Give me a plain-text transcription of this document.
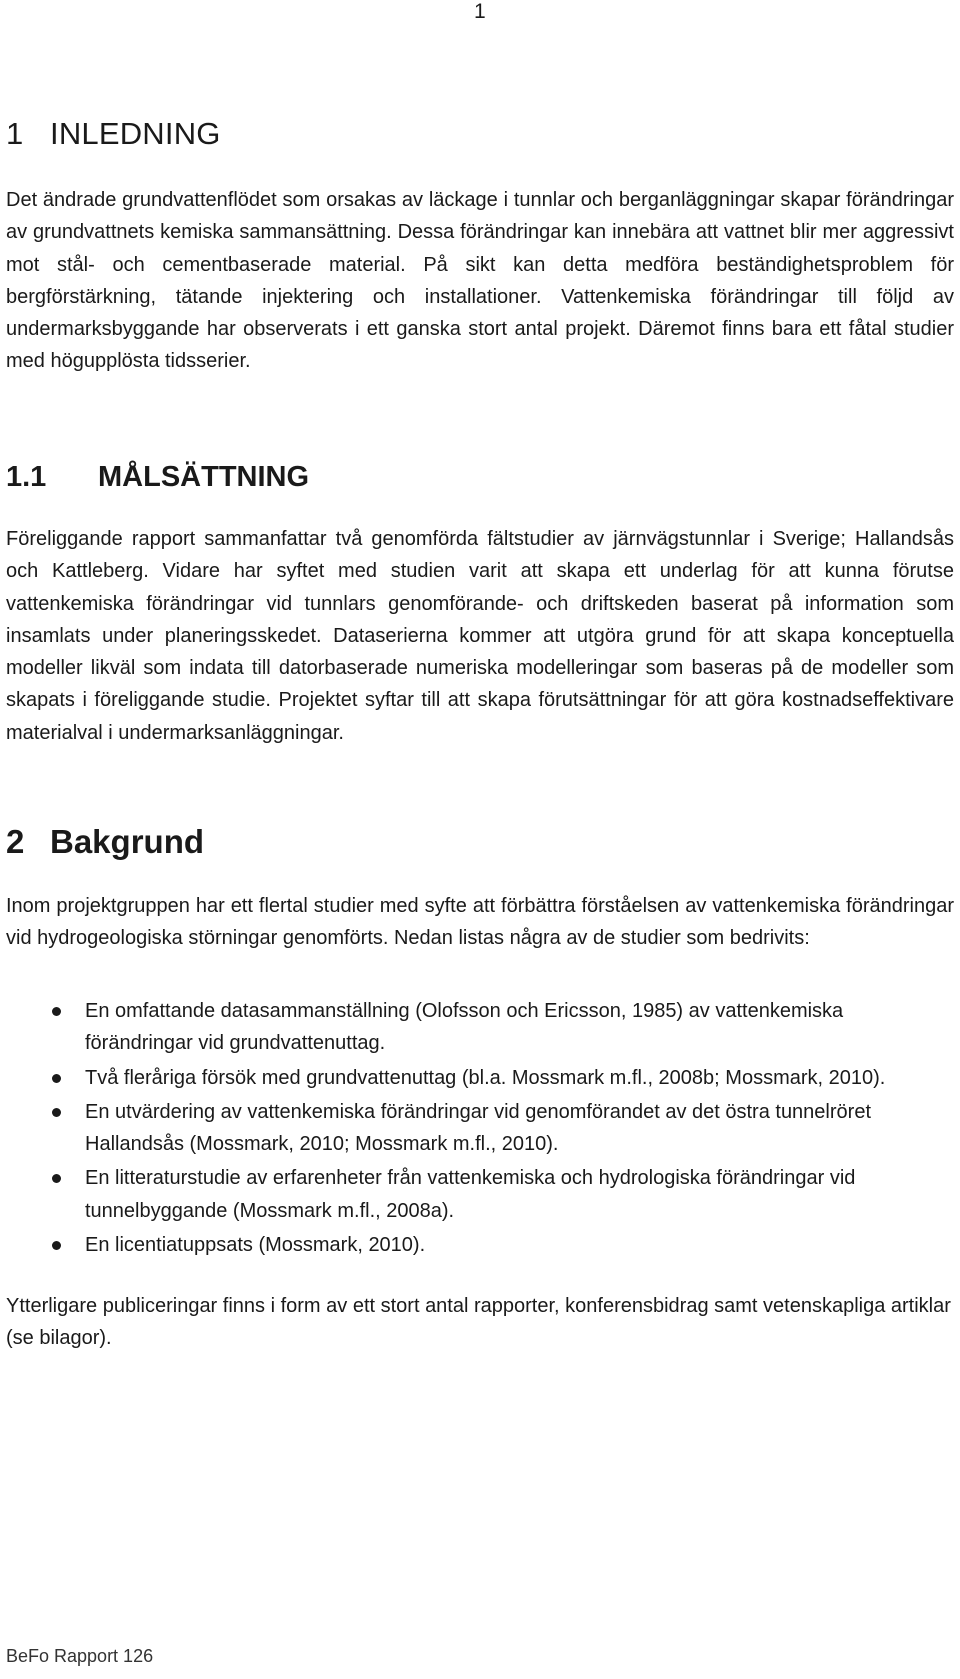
1
1 INLEDNING

Det ändrade grundvattenflödet som orsakas av läckage i tunnlar och berganläggningar skapar förändringar av grundvattnets kemiska sammansättning. Dessa förändringar kan innebära att vattnet blir mer aggressivt mot stål- och cementbaserade material. På sikt kan detta medföra beständighetsproblem för bergförstärkning, tätande injektering och installationer. Vattenkemiska förändringar till följd av undermarksbyggande har observerats i ett ganska stort antal projekt. Däremot finns bara ett fåtal studier med högupplösta tidsserier.

1.1 MÅLSÄTTNING

Föreliggande rapport sammanfattar två genomförda fältstudier av järnvägstunnlar i Sverige; Hallandsås och Kattleberg. Vidare har syftet med studien varit att skapa ett underlag för att kunna förutse vattenkemiska förändringar vid tunnlars genomförande- och driftskeden baserat på information som insamlats under planeringsskedet. Dataserierna kommer att utgöra grund för att skapa konceptuella modeller likväl som indata till datorbaserade numeriska modelleringar som baseras på de modeller som skapats i föreliggande studie. Projektet syftar till att skapa förutsättningar för att göra kostnadseffektivare materialval i undermarksanläggningar.

2 Bakgrund

Inom projektgruppen har ett flertal studier med syfte att förbättra förståelsen av vattenkemiska förändringar vid hydrogeologiska störningar genomförts. Nedan listas några av de studier som bedrivits:

En omfattande datasammanställning (Olofsson och Ericsson, 1985) av vattenkemiska förändringar vid grundvattenuttag.
Två fleråriga försök med grundvattenuttag (bl.a. Mossmark m.fl., 2008b; Mossmark, 2010).
En utvärdering av vattenkemiska förändringar vid genomförandet av det östra tunnelröret Hallandsås (Mossmark, 2010; Mossmark m.fl., 2010).
En litteraturstudie av erfarenheter från vattenkemiska och hydrologiska förändringar vid tunnelbyggande (Mossmark m.fl., 2008a).
En licentiatuppsats (Mossmark, 2010).

Ytterligare publiceringar finns i form av ett stort antal rapporter, konferensbidrag samt vetenskapliga artiklar (se bilagor).

BeFo Rapport 126
